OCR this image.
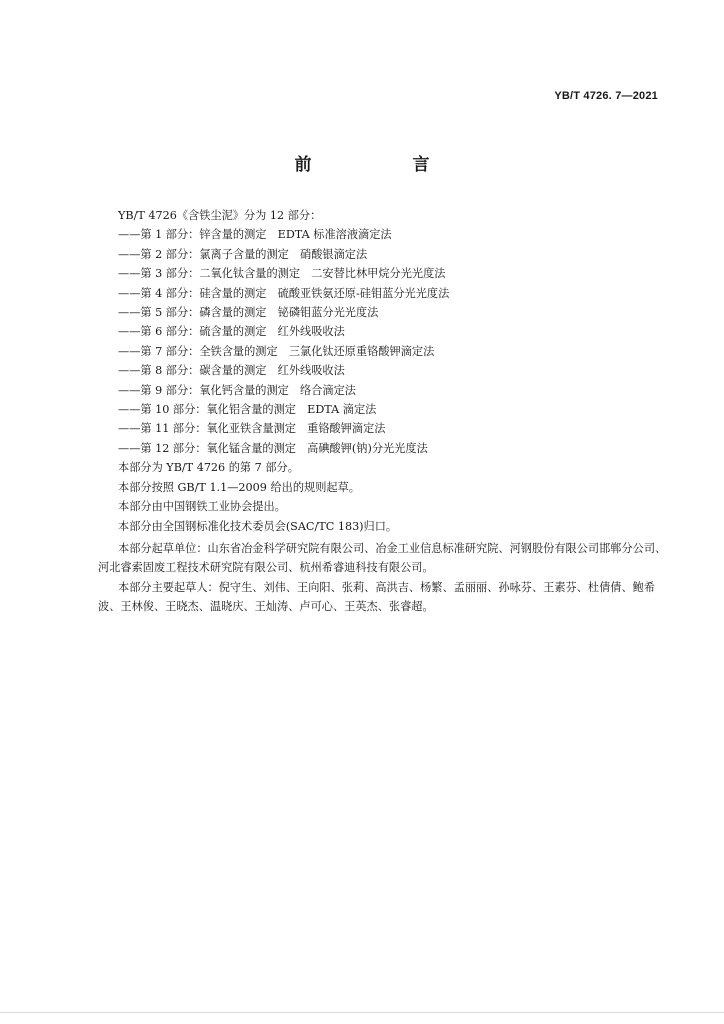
YB/T 4726. 7—2021
前　言
YB/T 4726《含铁尘泥》分为 12 部分：
——第 1 部分：锌含量的测定　EDTA 标准溶液滴定法
——第 2 部分：氯离子含量的测定　硝酸银滴定法
——第 3 部分：二氧化钛含量的测定　二安替比林甲烷分光光度法
——第 4 部分：硅含量的测定　硫酸亚铁氨还原-硅钼蓝分光光度法
——第 5 部分：磷含量的测定　铋磷钼蓝分光光度法
——第 6 部分：硫含量的测定　红外线吸收法
——第 7 部分：全铁含量的测定　三氯化钛还原重铬酸钾滴定法
——第 8 部分：碳含量的测定　红外线吸收法
——第 9 部分：氧化钙含量的测定　络合滴定法
——第 10 部分：氧化铝含量的测定　EDTA 滴定法
——第 11 部分：氧化亚铁含量测定　重铬酸钾滴定法
——第 12 部分：氧化锰含量的测定　高碘酸钾(钠)分光光度法
本部分为 YB/T 4726 的第 7 部分。
本部分按照 GB/T 1.1—2009 给出的规则起草。
本部分由中国钢铁工业协会提出。
本部分由全国钢标准化技术委员会(SAC/TC 183)归口。
本部分起草单位：山东省冶金科学研究院有限公司、冶金工业信息标准研究院、河钢股份有限公司邯郸分公司、河北睿索固废工程技术研究院有限公司、杭州希睿迪科技有限公司。
本部分主要起草人：倪守生、刘伟、王向阳、张莉、高洪吉、杨繁、孟丽丽、孙咏芬、王素芬、杜倩倩、鲍希波、王林俊、王晓杰、温晓庆、王灿涛、卢可心、王英杰、张睿超。
